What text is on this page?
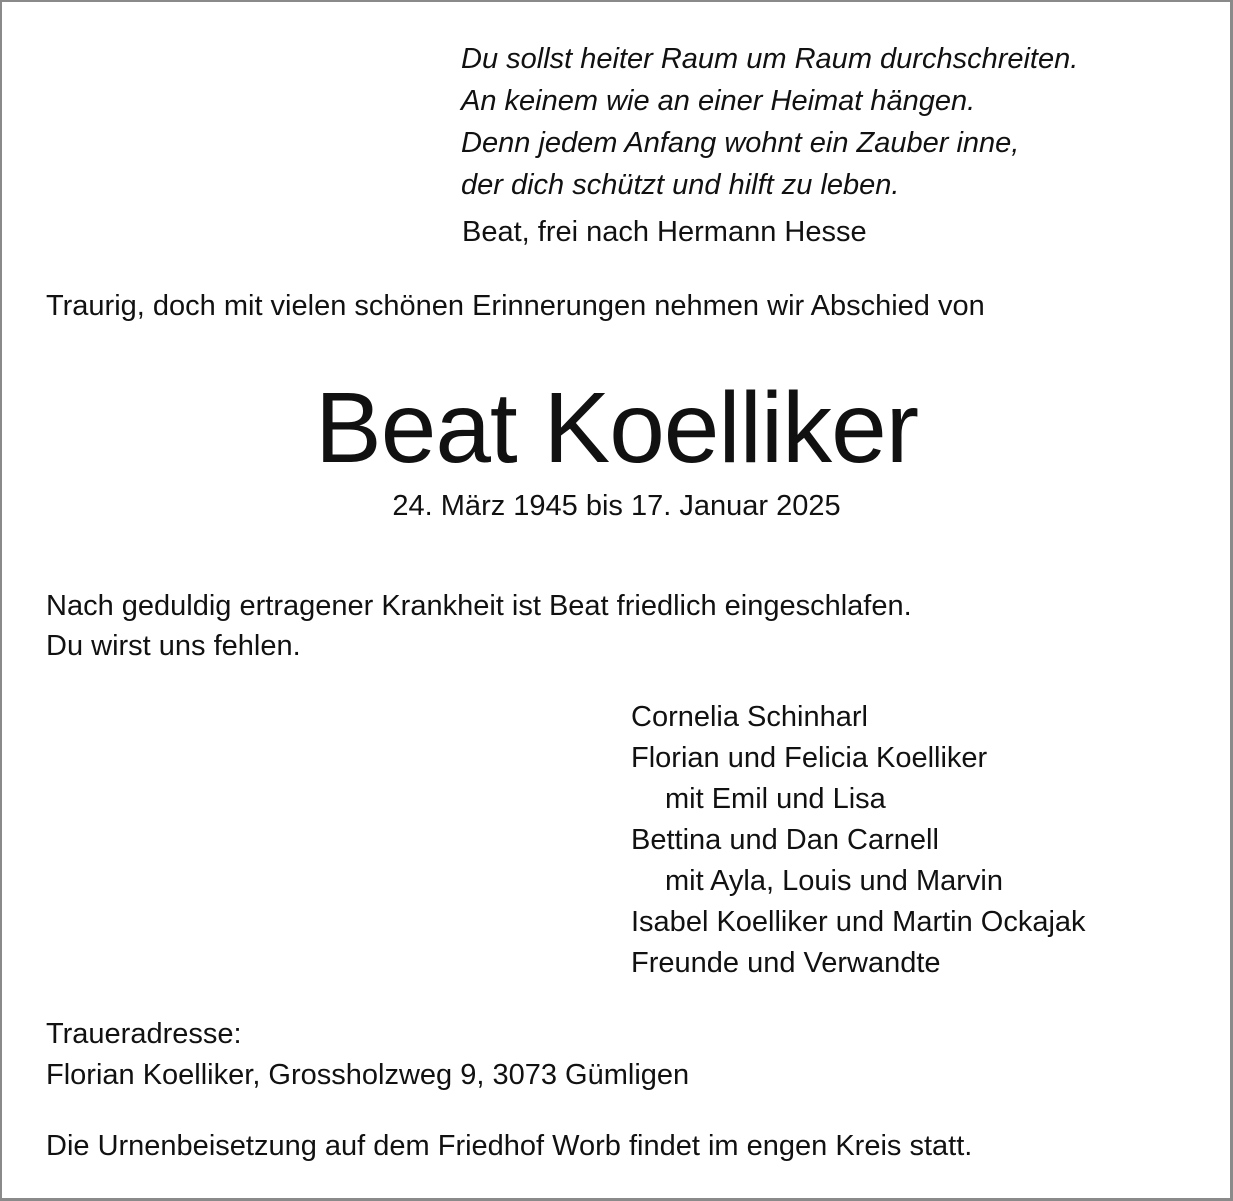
Du sollst heiter Raum um Raum durchschreiten.
An keinem wie an einer Heimat hängen.
Denn jedem Anfang wohnt ein Zauber inne,
der dich schützt und hilft zu leben.
Beat, frei nach Hermann Hesse
Traurig, doch mit vielen schönen Erinnerungen nehmen wir Abschied von
Beat Koelliker
24. März 1945 bis 17. Januar 2025
Nach geduldig ertragener Krankheit ist Beat friedlich eingeschlafen.
Du wirst uns fehlen.
Cornelia Schinharl
Florian und Felicia Koelliker
mit Emil und Lisa
Bettina und Dan Carnell
mit Ayla, Louis und Marvin
Isabel Koelliker und Martin Ockajak
Freunde und Verwandte
Traueradresse:
Florian Koelliker, Grossholzweg 9, 3073 Gümligen
Die Urnenbeisetzung auf dem Friedhof Worb findet im engen Kreis statt.
